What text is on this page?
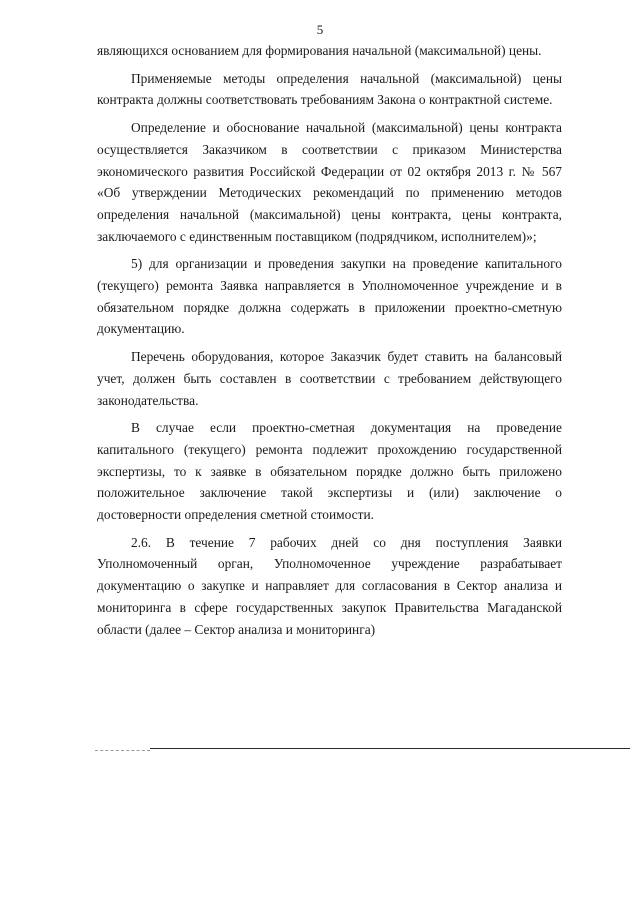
5

являющихся основанием для формирования начальной (максимальной) цены.

Применяемые методы определения начальной (максимальной) цены контракта должны соответствовать требованиям Закона о контрактной системе.

Определение и обоснование начальной (максимальной) цены контракта осуществляется Заказчиком в соответствии с приказом Министерства экономического развития Российской Федерации от 02 октября 2013 г. № 567 «Об утверждении Методических рекомендаций по применению методов определения начальной (максимальной) цены контракта, цены контракта, заключаемого с единственным поставщиком (подрядчиком, исполнителем)»;

5) для организации и проведения закупки на проведение капитального (текущего) ремонта Заявка направляется в Уполномоченное учреждение и в обязательном порядке должна содержать в приложении проектно-сметную документацию.

Перечень оборудования, которое Заказчик будет ставить на балансовый учет, должен быть составлен в соответствии с требованием действующего законодательства.

В случае если проектно-сметная документация на проведение капитального (текущего) ремонта подлежит прохождению государственной экспертизы, то к заявке в обязательном порядке должно быть приложено положительное заключение такой экспертизы и (или) заключение о достоверности определения сметной стоимости.

2.6. В течение 7 рабочих дней со дня поступления Заявки Уполномоченный орган, Уполномоченное учреждение разрабатывает документацию о закупке и направляет для согласования в Сектор анализа и мониторинга в сфере государственных закупок Правительства Магаданской области (далее – Сектор анализа и мониторинга)
